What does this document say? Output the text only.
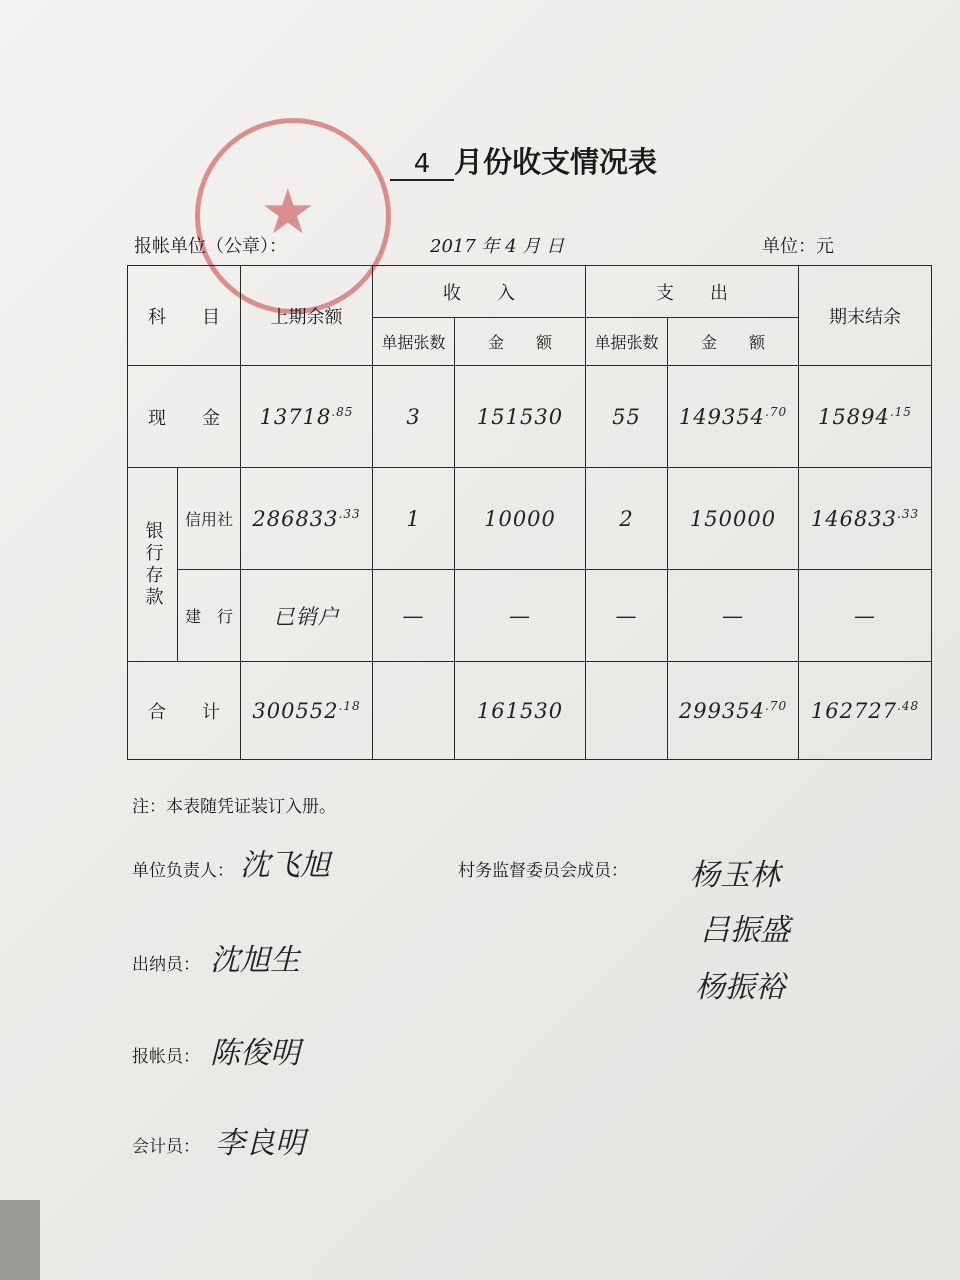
★
4 月份收支情况表
报帐单位（公章）：	2017 年 4 月 日	单位：元
科　　目		上期余额	收　　入		支　　出		期末结余
			单据张数	金　　额	单据张数	金　　额	
现　　金		$13718^{.85}$	3	151530	55	$149354^{.70}$	$15894^{.15}$
银行存款	信用社	$286833^{.33}$	1	10000	2	150000	$146833^{.33}$
	建　行	已销户	—	—	—	—	—
合　　计		$300552^{.18}$		161530		$299354^{.70}$	$162727^{.48}$
注：本表随凭证装订入册。
单位负责人： 沈飞旭	村务监督委员会成员： 杨玉林
吕振盛
杨振裕
出纳员： 沈旭生
报帐员： 陈俊明
会计员： 李良明
